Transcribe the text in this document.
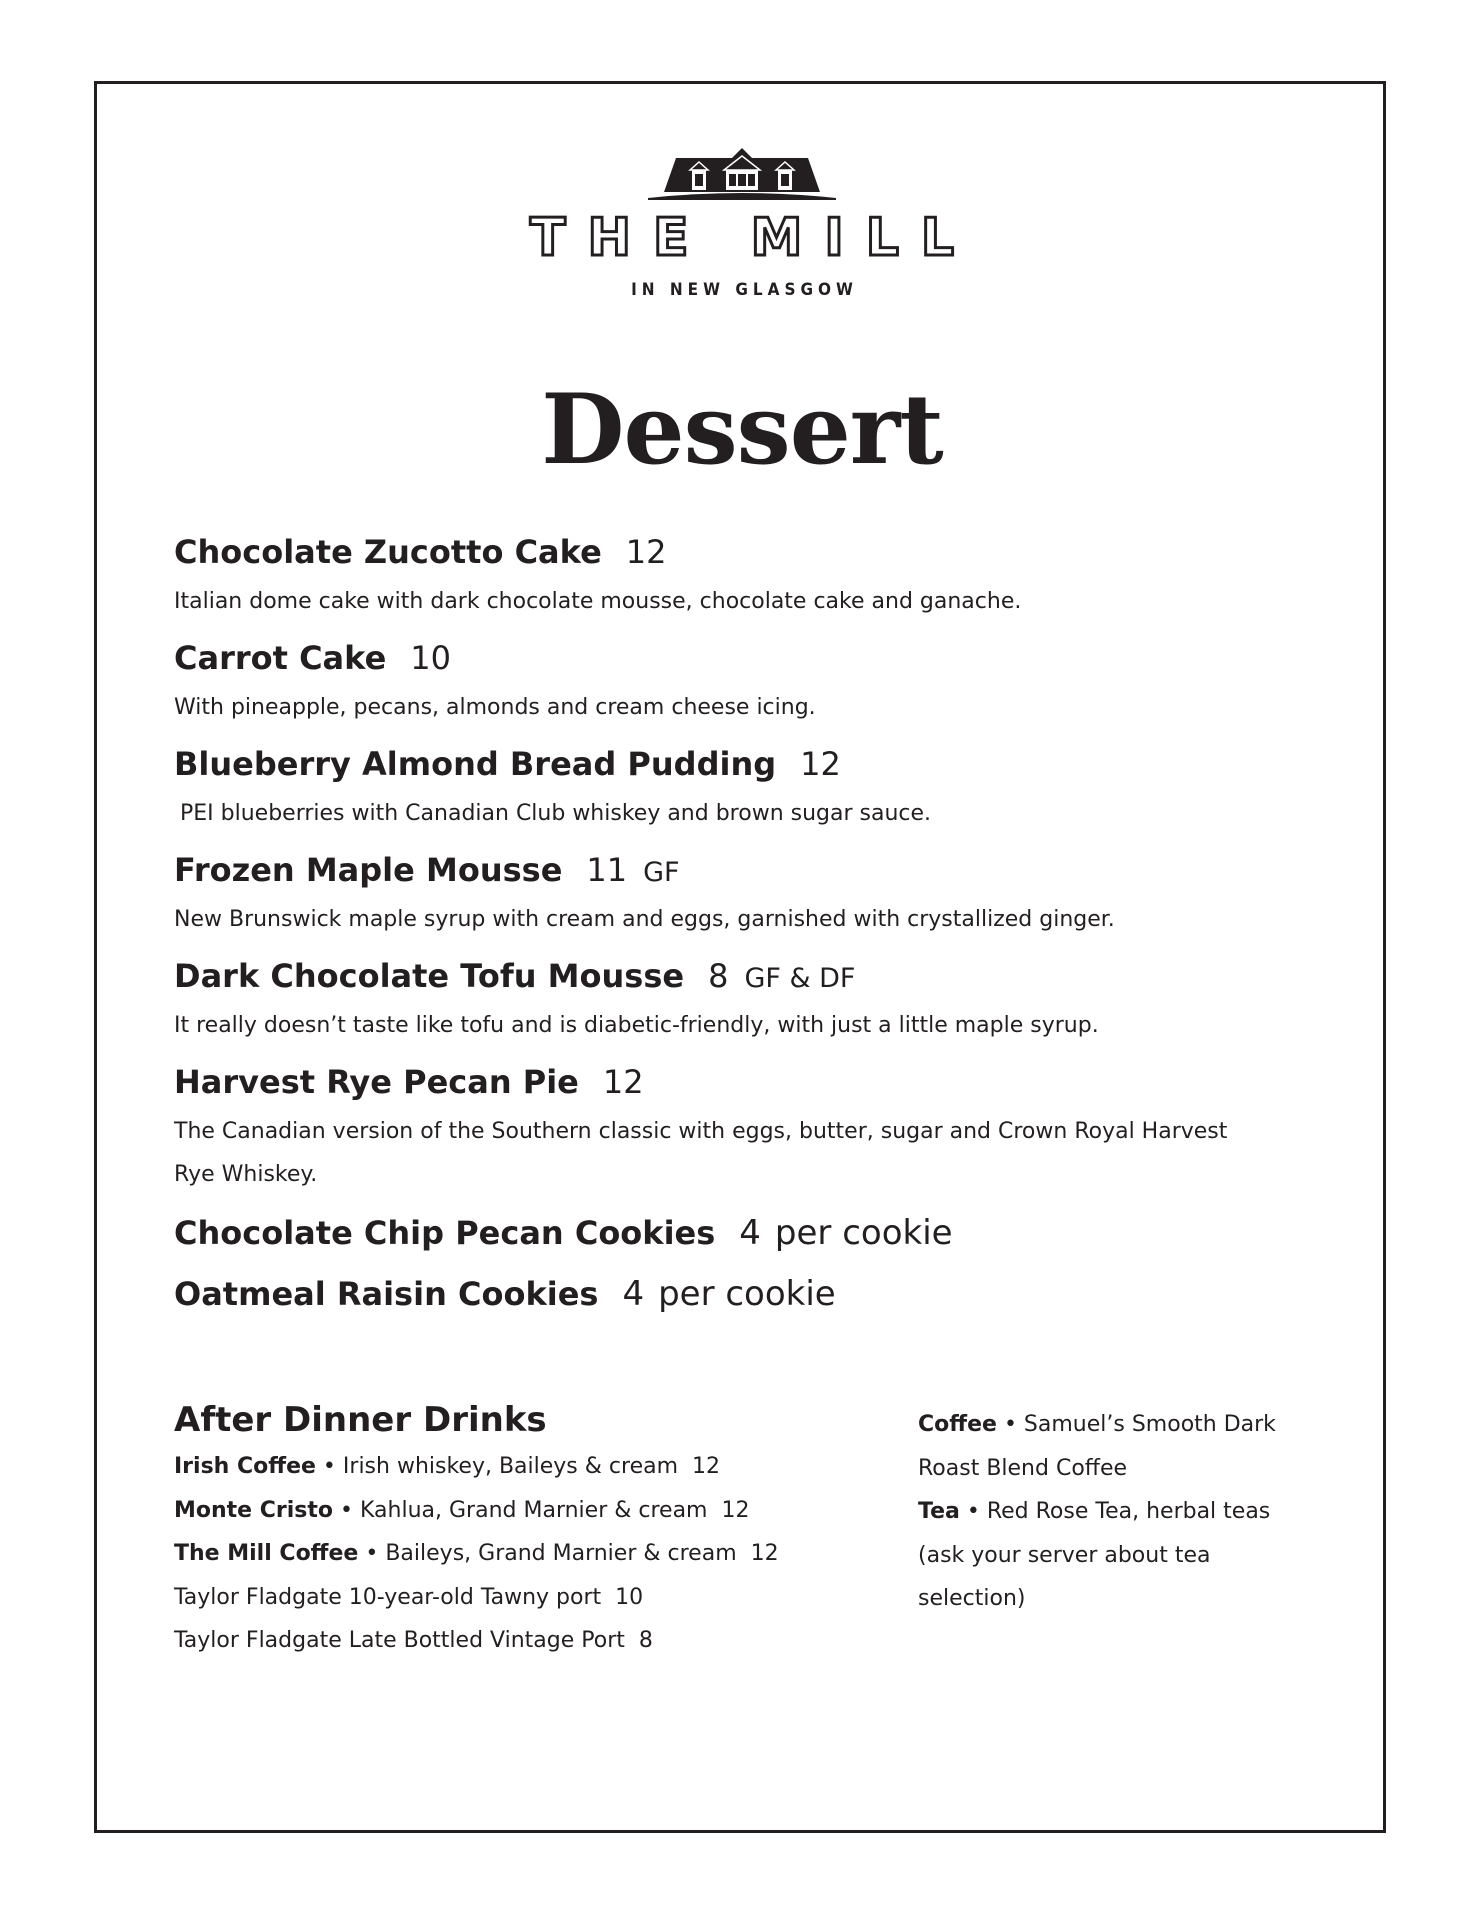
THE MILL
IN NEW GLASGOW
Dessert
Chocolate Zucotto Cake 12
Italian dome cake with dark chocolate mousse, chocolate cake and ganache.
Carrot Cake 10
With pineapple, pecans, almonds and cream cheese icing.
Blueberry Almond Bread Pudding 12
PEI blueberries with Canadian Club whiskey and brown sugar sauce.
Frozen Maple Mousse 11 GF
New Brunswick maple syrup with cream and eggs, garnished with crystallized ginger.
Dark Chocolate Tofu Mousse 8 GF & DF
It really doesn’t taste like tofu and is diabetic-friendly, with just a little maple syrup.
Harvest Rye Pecan Pie 12
The Canadian version of the Southern classic with eggs, butter, sugar and Crown Royal Harvest Rye Whiskey.
Chocolate Chip Pecan Cookies 4 per cookie
Oatmeal Raisin Cookies 4 per cookie
After Dinner Drinks
Irish Coffee • Irish whiskey, Baileys & cream 12
Monte Cristo • Kahlua, Grand Marnier & cream 12
The Mill Coffee • Baileys, Grand Marnier & cream 12
Taylor Fladgate 10-year-old Tawny port 10
Taylor Fladgate Late Bottled Vintage Port 8
Coffee • Samuel’s Smooth Dark
Roast Blend Coffee
Tea • Red Rose Tea, herbal teas
(ask your server about tea
selection)
